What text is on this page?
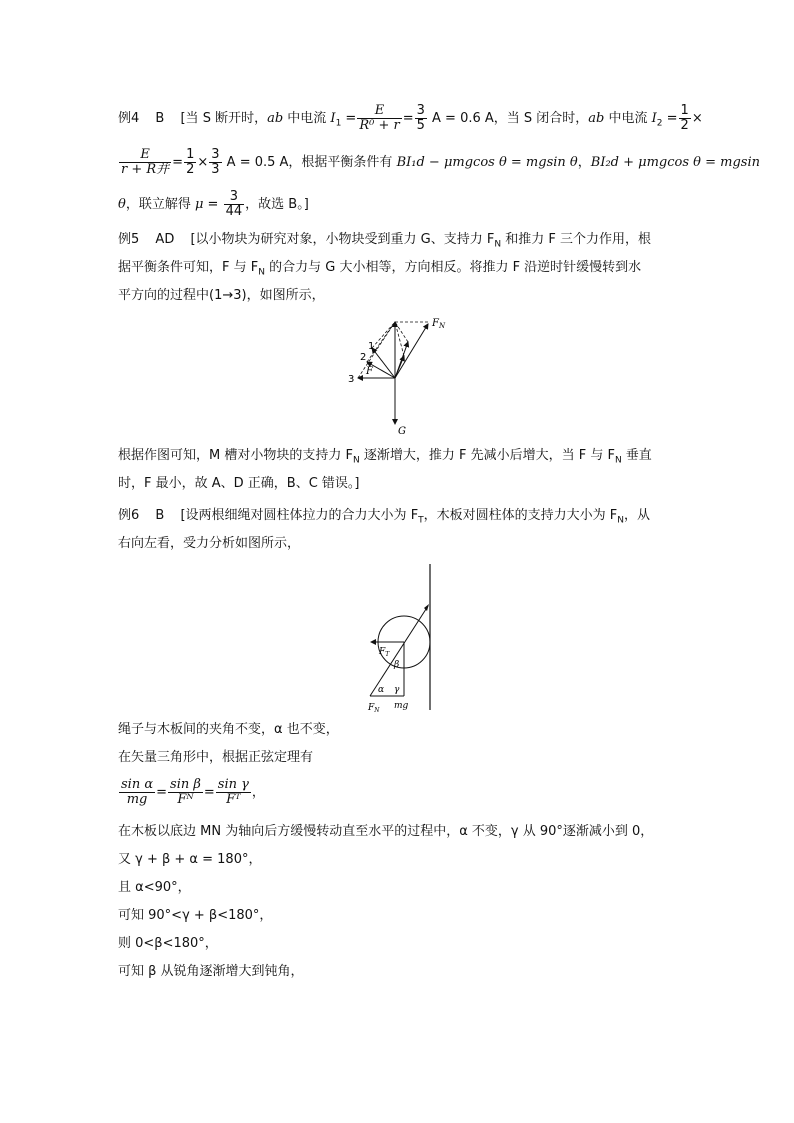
例4 B [当 S 断开时，ab 中电流 $I_1 = \frac{E}{\text{R⁰ + r}} = \frac{3}{5}$ A = 0.6 A，当 S 闭合时，ab 中电流 $I_2 = \frac{1}{2}$ ×
$\frac{E}{\text{r + R并}} = \frac{1}{2} \times \frac{3}{3}$ A = 0.5 A，根据平衡条件有 BI₁d − μmgcos θ = mgsin θ，BI₂d + μmgcos θ = mgsin
θ，联立解得 $\mu = \frac{3}{44}$ ，故选 B。]
例5 AD [以小物块为研究对象，小物块受到重力 G、支持力 $F_N$ 和推力 F 三个力作用，根
据平衡条件可知，F 与 $F_N$ 的合力与 G 大小相等，方向相反。将推力 F 沿逆时针缓慢转到水
平方向的过程中(1→3)，如图所示，
$F_N$
F
G
1
2
3
根据作图可知，M 槽对小物块的支持力 $F_N$ 逐渐增大，推力 F 先减小后增大，当 F 与 $F_N$ 垂直
时，F 最小，故 A、D 正确，B、C 错误。]
例6 B [设两根细绳对圆柱体拉力的合力大小为 $F_T$，木板对圆柱体的支持力大小为 $F_N$，从
右向左看，受力分析如图所示，
$F_T$
β
α γ
$F_N$ mg
绳子与木板间的夹角不变，α 也不变，
在矢量三角形中，根据正弦定理有
$\frac{\text{sin α}}{mg} = \frac{\text{sin β}}{\text{Fᴺ}} = \frac{\text{sin γ}}{\text{Fᵀ}}$ ，
在木板以底边 MN 为轴向后方缓慢转动直至水平的过程中，α 不变，γ 从 90°逐渐减小到 0，
又 γ + β + α = 180°，
且 α<90°，
可知 90°<γ + β<180°，
则 0<β<180°，
可知 β 从锐角逐渐增大到钝角，
